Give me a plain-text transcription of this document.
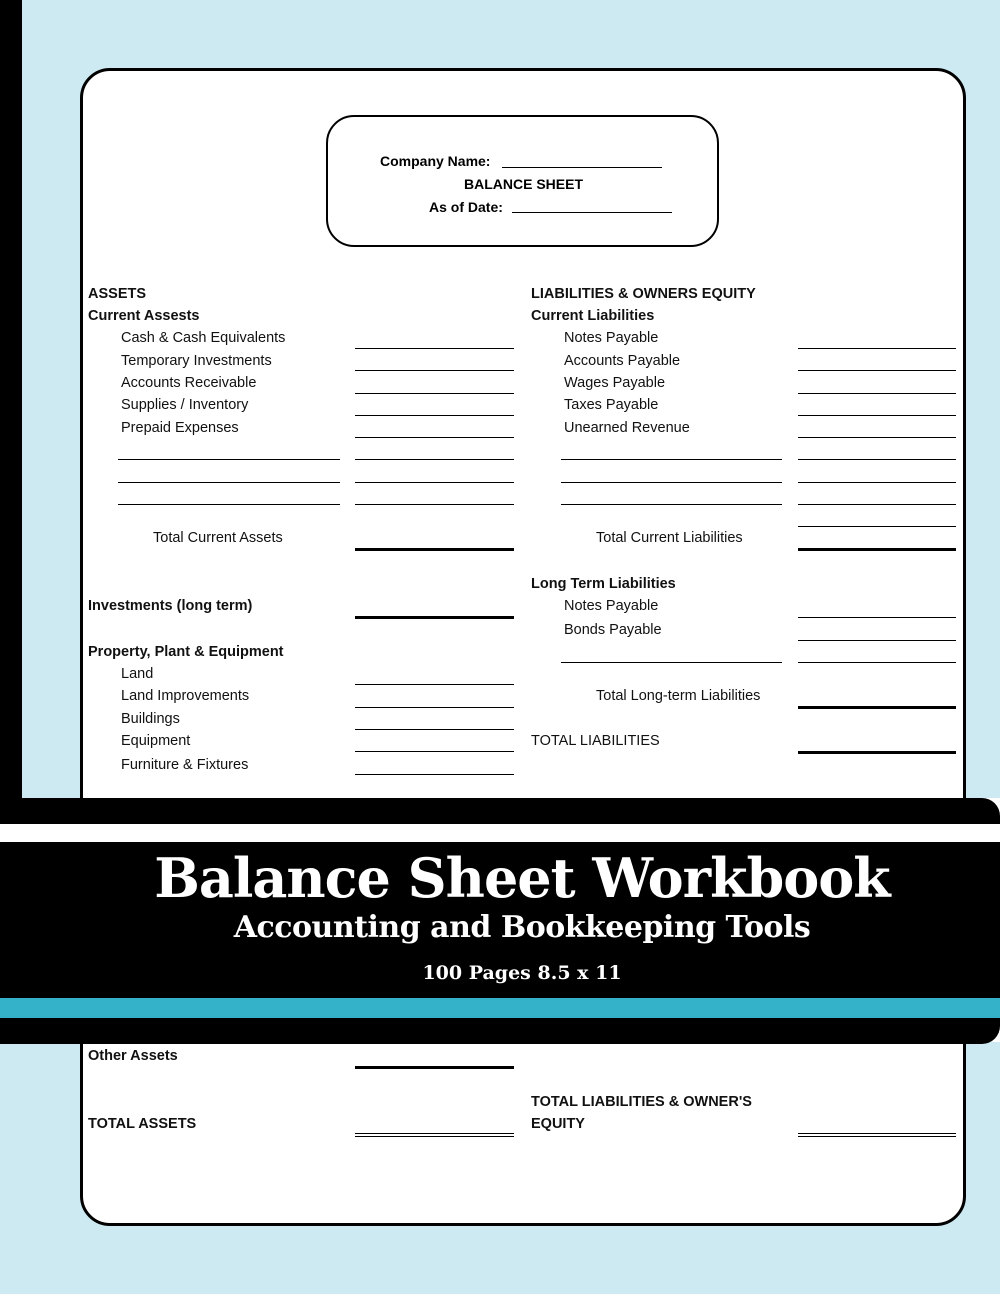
Company Name:
BALANCE SHEET
As of Date:
ASSETS
Current Assests
Cash & Cash Equivalents
Temporary Investments
Accounts Receivable
Supplies / Inventory
Prepaid Expenses
Total Current Assets
Investments (long term)
Property, Plant & Equipment
Land
Land Improvements
Buildings
Equipment
Furniture & Fixtures
LIABILITIES & OWNERS EQUITY
Current Liabilities
Notes Payable
Accounts Payable
Wages Payable
Taxes Payable
Unearned Revenue
Total Current Liabilities
Long Term Liabilities
Notes Payable
Bonds Payable
Total Long-term Liabilities
TOTAL LIABILITIES
Balance Sheet Workbook
Accounting and Bookkeeping Tools
100 Pages 8.5 x 11
Other Assets
TOTAL ASSETS
TOTAL LIABILITIES & OWNER'S
EQUITY
